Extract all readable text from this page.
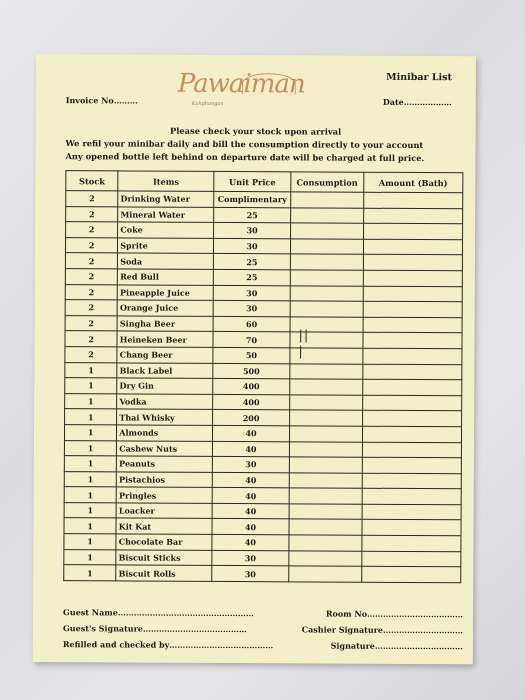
Minibar List
Invoice No………	Date………………
Pawaiman
Kohphangan
Please check your stock upon arrival
We refil your minibar daily and bill the consumption directly to your account
Any opened bottle left behind on departure date will be charged at full price.
Stock	Items	Unit Price	Consumption	Amount (Bath)
2	Drinking Water	Complimentary	

2	Mineral Water	25	

2	Coke	30	

2	Sprite	30	

2	Soda	25	

2	Red Bull	25	

2	Pineapple Juice	30	

2	Orange Juice	30	

2	Singha Beer	60	

2	Heineken Beer	70	||	

2	Chang Beer	50	|	

1	Black Label	500	

1	Dry Gin	400	

1	Vodka	400	

1	Thai Whisky	200	

1	Almonds	40	

1	Cashew Nuts	40	

1	Peanuts	30	

1	Pistachios	40	

1	Pringles	40	

1	Loacker	40	

1	Kit Kat	40	

1	Chocolate Bar	40	

1	Biscuit Sticks	30	

1	Biscuit Rolls	30	

Guest Name……………………………………………	Room No………………………………
Guest's Signature…………………………………	Cashier Signature…………………………
Refilled and checked by…………………………………	Signature……………………………
